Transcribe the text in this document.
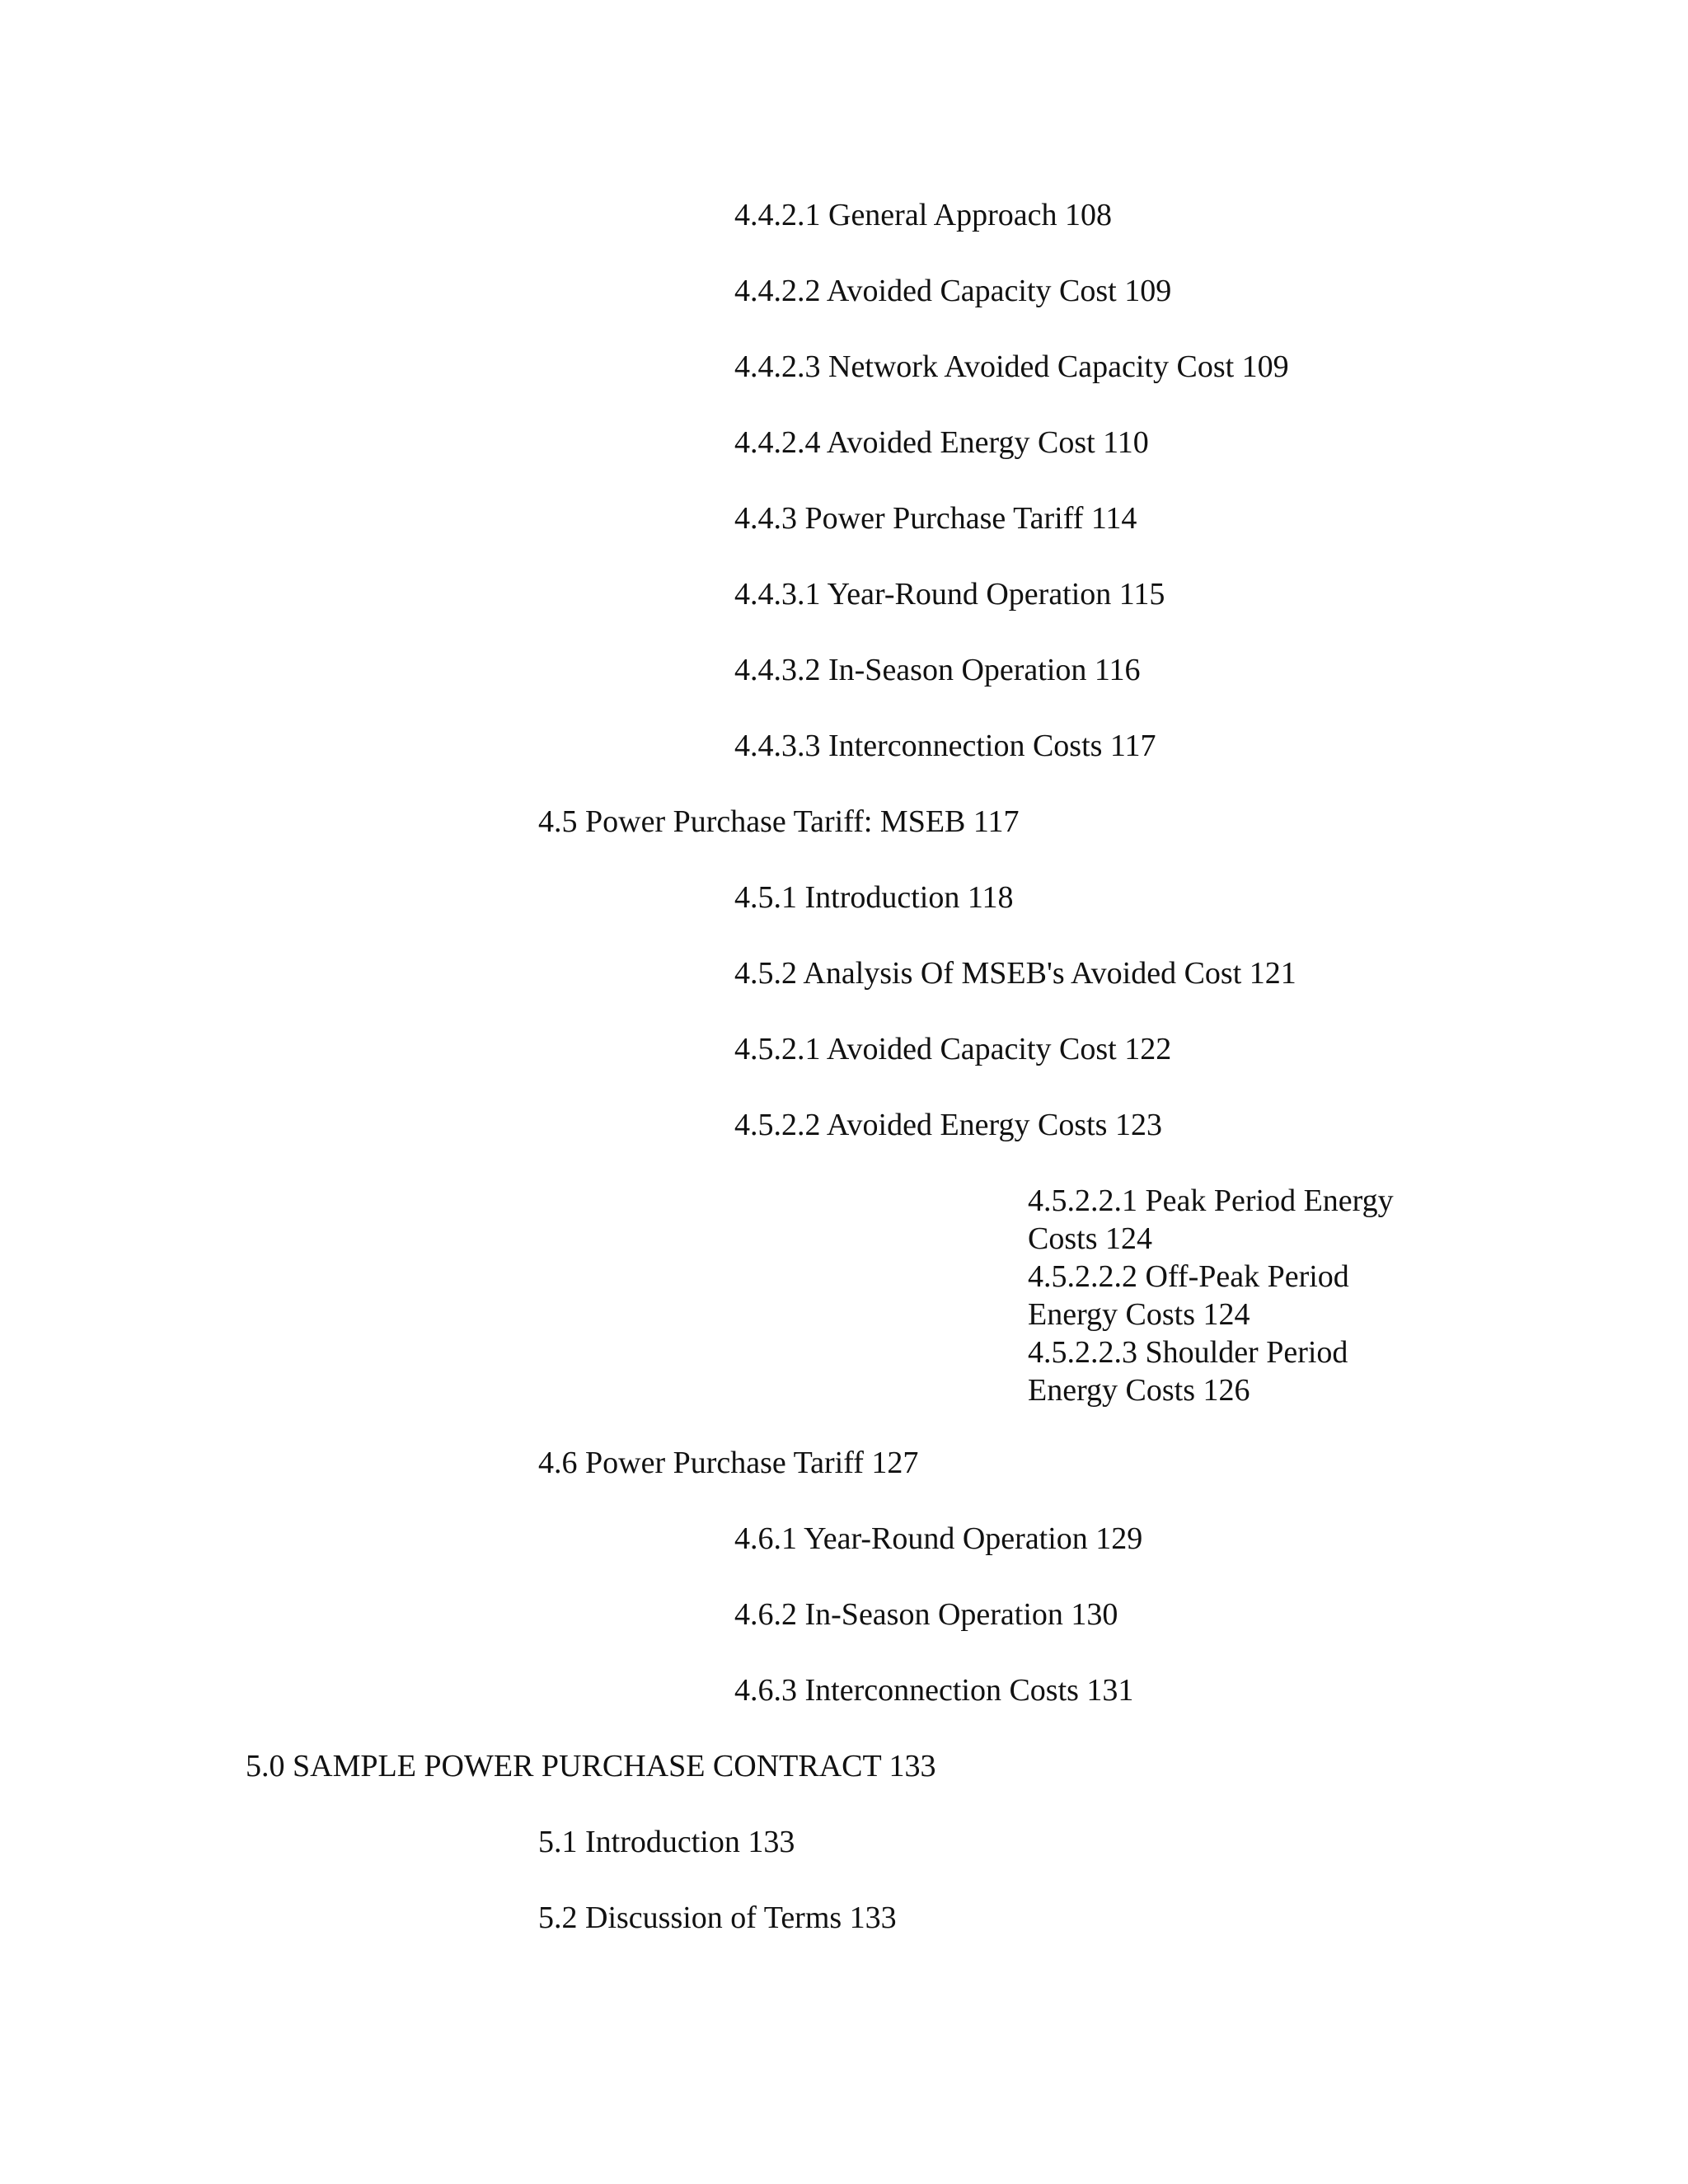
4.4.2.1 General Approach 108

4.4.2.2 Avoided Capacity Cost 109

4.4.2.3 Network Avoided Capacity Cost 109

4.4.2.4 Avoided Energy Cost 110

4.4.3 Power Purchase Tariff 114

4.4.3.1 Year-Round Operation 115

4.4.3.2 In-Season Operation 116

4.4.3.3 Interconnection Costs 117

4.5 Power Purchase Tariff: MSEB 117

4.5.1 Introduction 118

4.5.2 Analysis Of MSEB's Avoided Cost 121

4.5.2.1 Avoided Capacity Cost 122

4.5.2.2 Avoided Energy Costs 123

4.5.2.2.1 Peak Period Energy Costs 124

4.5.2.2.2 Off-Peak Period Energy Costs 124

4.5.2.2.3 Shoulder Period Energy Costs 126

4.6 Power Purchase Tariff 127

4.6.1 Year-Round Operation 129

4.6.2 In-Season Operation 130

4.6.3 Interconnection Costs 131

5.0 SAMPLE POWER PURCHASE CONTRACT 133

5.1 Introduction 133

5.2 Discussion of Terms 133
